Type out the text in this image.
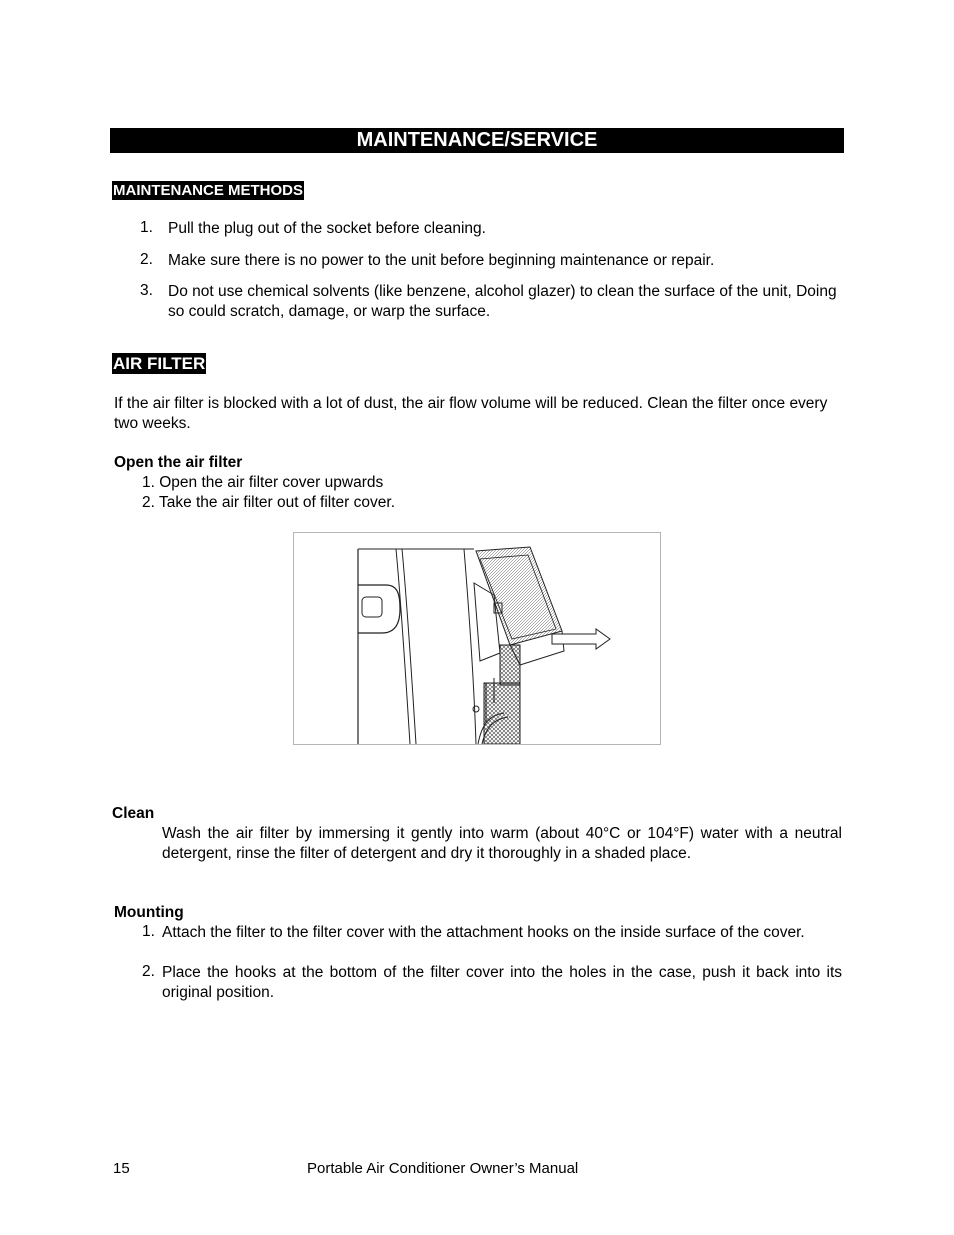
MAINTENANCE/SERVICE
MAINTENANCE METHODS
1. Pull the plug out of the socket before cleaning.
2. Make sure there is no power to the unit before beginning maintenance or repair.
3. Do not use chemical solvents (like benzene, alcohol glazer) to clean the surface of the unit, Doing so could scratch, damage, or warp the surface.
AIR FILTER
If the air filter is blocked with a lot of dust, the air flow volume will be reduced. Clean the filter once every two weeks.
Open the air filter
1. Open the air filter cover upwards
2. Take the air filter out of filter cover.
Clean
Wash the air filter by immersing it gently into warm (about 40°C or 104°F) water with a neutral detergent, rinse the filter of detergent and dry it thoroughly in a shaded place.
Mounting
1. Attach the filter to the filter cover with the attachment hooks on the inside surface of the cover.
2. Place the hooks at the bottom of the filter cover into the holes in the case, push it back into its original position.
15	Portable Air Conditioner Owner’s Manual
